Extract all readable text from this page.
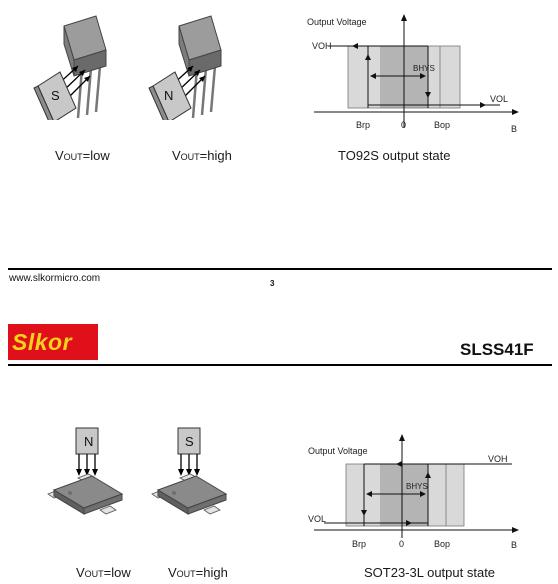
S	N
VOUT=low	VOUT=high	TO92S output state
Output Voltage
VOH
VOL
BHYS
Brp	0	Bop	B
www.slkormicro.com	3
Slkor	SLSS41F
N	S
VOUT=low	VOUT=high	SOT23-3L output state
Output Voltage
VOH
VOL
BHYS
Brp	0	Bop	B
